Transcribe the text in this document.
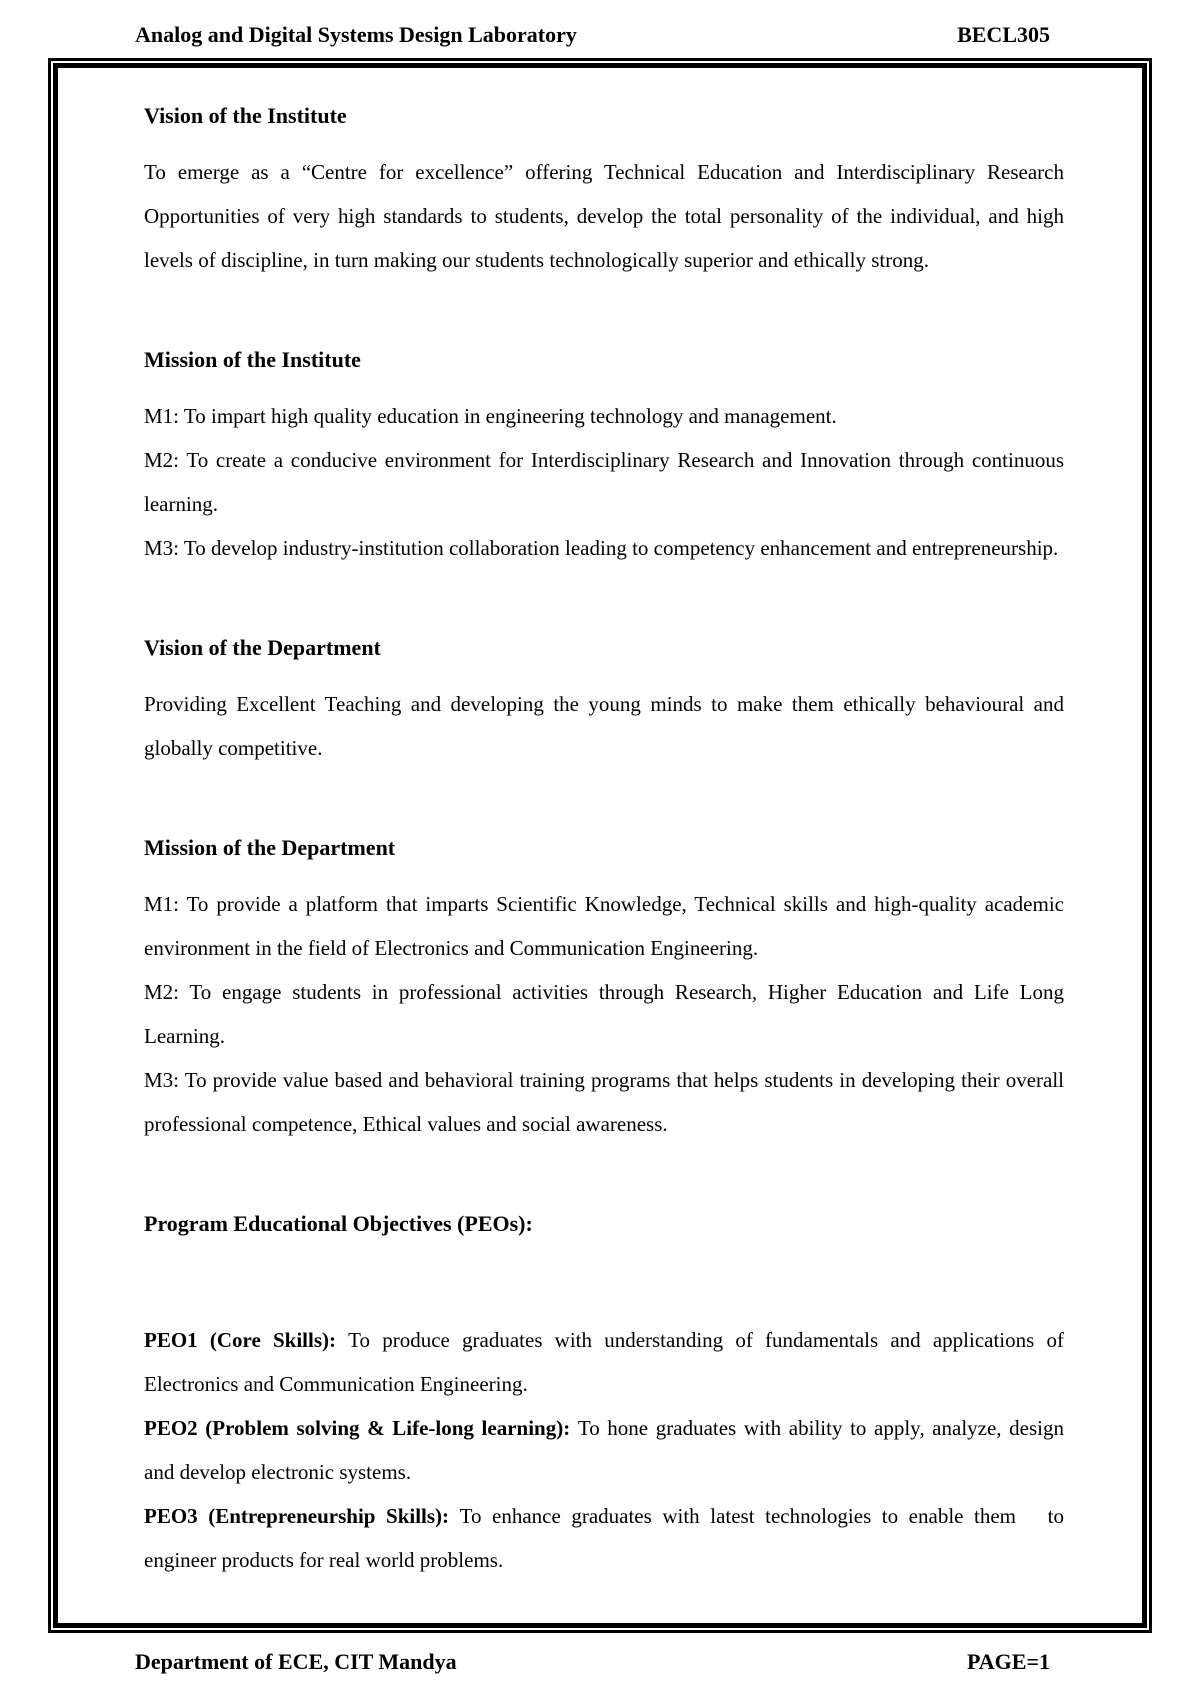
Analog and Digital Systems Design Laboratory	BECL305
Vision of the Institute

To emerge as a “Centre for excellence” offering Technical Education and Interdisciplinary Research Opportunities of very high standards to students, develop the total personality of the individual, and high levels of discipline, in turn making our students technologically superior and ethically strong.

Mission of the Institute

M1: To impart high quality education in engineering technology and management.

M2: To create a conducive environment for Interdisciplinary Research and Innovation through continuous learning.

M3: To develop industry-institution collaboration leading to competency enhancement and entrepreneurship.

Vision of the Department

Providing Excellent Teaching and developing the young minds to make them ethically behavioural and globally competitive.

Mission of the Department

M1: To provide a platform that imparts Scientific Knowledge, Technical skills and high-quality academic environment in the field of Electronics and Communication Engineering.

M2: To engage students in professional activities through Research, Higher Education and Life Long Learning.

M3: To provide value based and behavioral training programs that helps students in developing their overall professional competence, Ethical values and social awareness.

Program Educational Objectives (PEOs):

PEO1 (Core Skills): To produce graduates with understanding of fundamentals and applications of Electronics and Communication Engineering.

PEO2 (Problem solving & Life-long learning): To hone graduates with ability to apply, analyze, design and develop electronic systems.

PEO3 (Entrepreneurship Skills): To enhance graduates with latest technologies to enable them   to engineer products for real world problems.

Department of ECE, CIT Mandya	PAGE=1
